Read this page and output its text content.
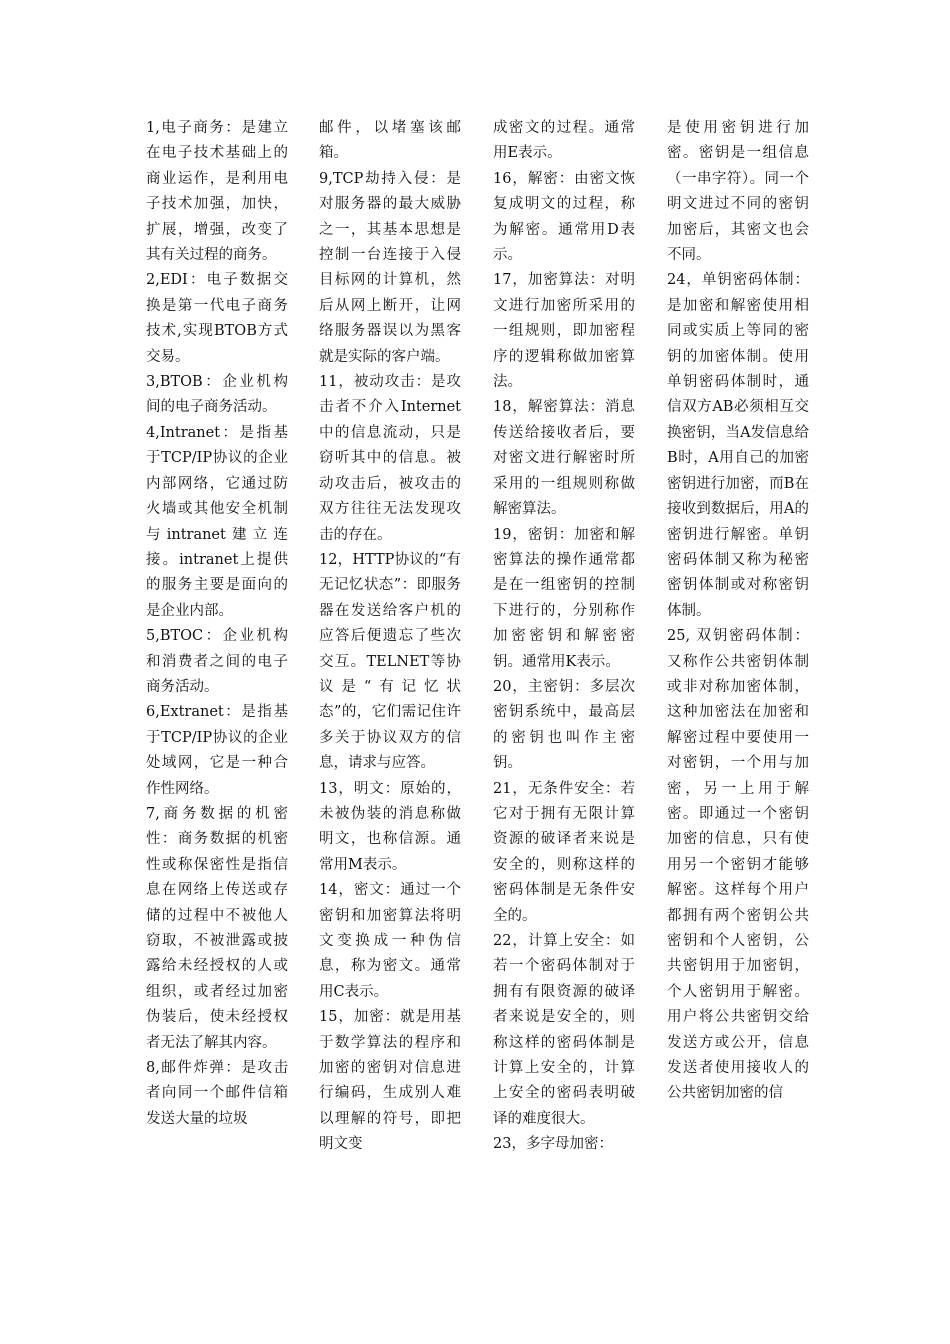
1,电子商务：是建立在电子技术基础上的商业运作，是利用电子技术加强，加快，扩展，增强，改变了其有关过程的商务。

2,EDI：电子数据交换是第一代电子商务技术,实现BTOB方式交易。

3,BTOB：企业机构间的电子商务活动。

4,Intranet：是指基于TCP/IP协议的企业内部网络，它通过防火墙或其他安全机制与intranet建立连接。intranet上提供的服务主要是面向的是企业内部。

5,BTOC：企业机构和消费者之间的电子商务活动。

6,Extranet：是指基于TCP/IP协议的企业处域网，它是一种合作性网络。

7,商务数据的机密性：商务数据的机密性或称保密性是指信息在网络上传送或存储的过程中不被他人窃取，不被泄露或披露给未经授权的人或组织，或者经过加密伪装后，使未经授权者无法了解其内容。

8,邮件炸弹：是攻击者向同一个邮件信箱发送大量的垃圾

邮件，以堵塞该邮箱。

9,TCP劫持入侵：是对服务器的最大威胁之一，其基本思想是控制一台连接于入侵目标网的计算机，然后从网上断开，让网络服务器误以为黑客就是实际的客户端。

11，被动攻击：是攻击者不介入Internet中的信息流动，只是窃听其中的信息。被动攻击后，被攻击的双方往往无法发现攻击的存在。

12，HTTP协议的“有无记忆状态”：即服务器在发送给客户机的应答后便遗忘了些次交互。TELNET等协议是“有记忆状态”的，它们需记住许多关于协议双方的信息，请求与应答。

13，明文：原始的，未被伪装的消息称做明文，也称信源。通常用M表示。

14，密文：通过一个密钥和加密算法将明文变换成一种伪信息，称为密文。通常用C表示。

15，加密：就是用基于数学算法的程序和加密的密钥对信息进行编码，生成别人难以理解的符号，即把明文变

成密文的过程。通常用E表示。

16，解密：由密文恢复成明文的过程，称为解密。通常用D表示。

17，加密算法：对明文进行加密所采用的一组规则，即加密程序的逻辑称做加密算法。

18，解密算法：消息传送给接收者后，要对密文进行解密时所采用的一组规则称做解密算法。

19，密钥：加密和解密算法的操作通常都是在一组密钥的控制下进行的，分别称作加密密钥和解密密钥。通常用K表示。

20，主密钥：多层次密钥系统中，最高层的密钥也叫作主密钥。

21，无条件安全：若它对于拥有无限计算资源的破译者来说是安全的，则称这样的密码体制是无条件安全的。

22，计算上安全：如若一个密码体制对于拥有有限资源的破译者来说是安全的，则称这样的密码体制是计算上安全的，计算上安全的密码表明破译的难度很大。

23，多字母加密：

是使用密钥进行加密。密钥是一组信息（一串字符）。同一个明文进过不同的密钥加密后，其密文也会不同。

24，单钥密码体制：是加密和解密使用相同或实质上等同的密钥的加密体制。使用单钥密码体制时，通信双方AB必须相互交换密钥，当A发信息给B时，A用自己的加密密钥进行加密，而B在接收到数据后，用A的密钥进行解密。单钥密码体制又称为秘密密钥体制或对称密钥体制。

25, 双钥密码体制：又称作公共密钥体制或非对称加密体制，这种加密法在加密和解密过程中要使用一对密钥，一个用与加密，另一上用于解密。即通过一个密钥加密的信息，只有使用另一个密钥才能够解密。这样每个用户都拥有两个密钥公共密钥和个人密钥，公共密钥用于加密钥，个人密钥用于解密。用户将公共密钥交给发送方或公开，信息发送者使用接收人的公共密钥加密的信
